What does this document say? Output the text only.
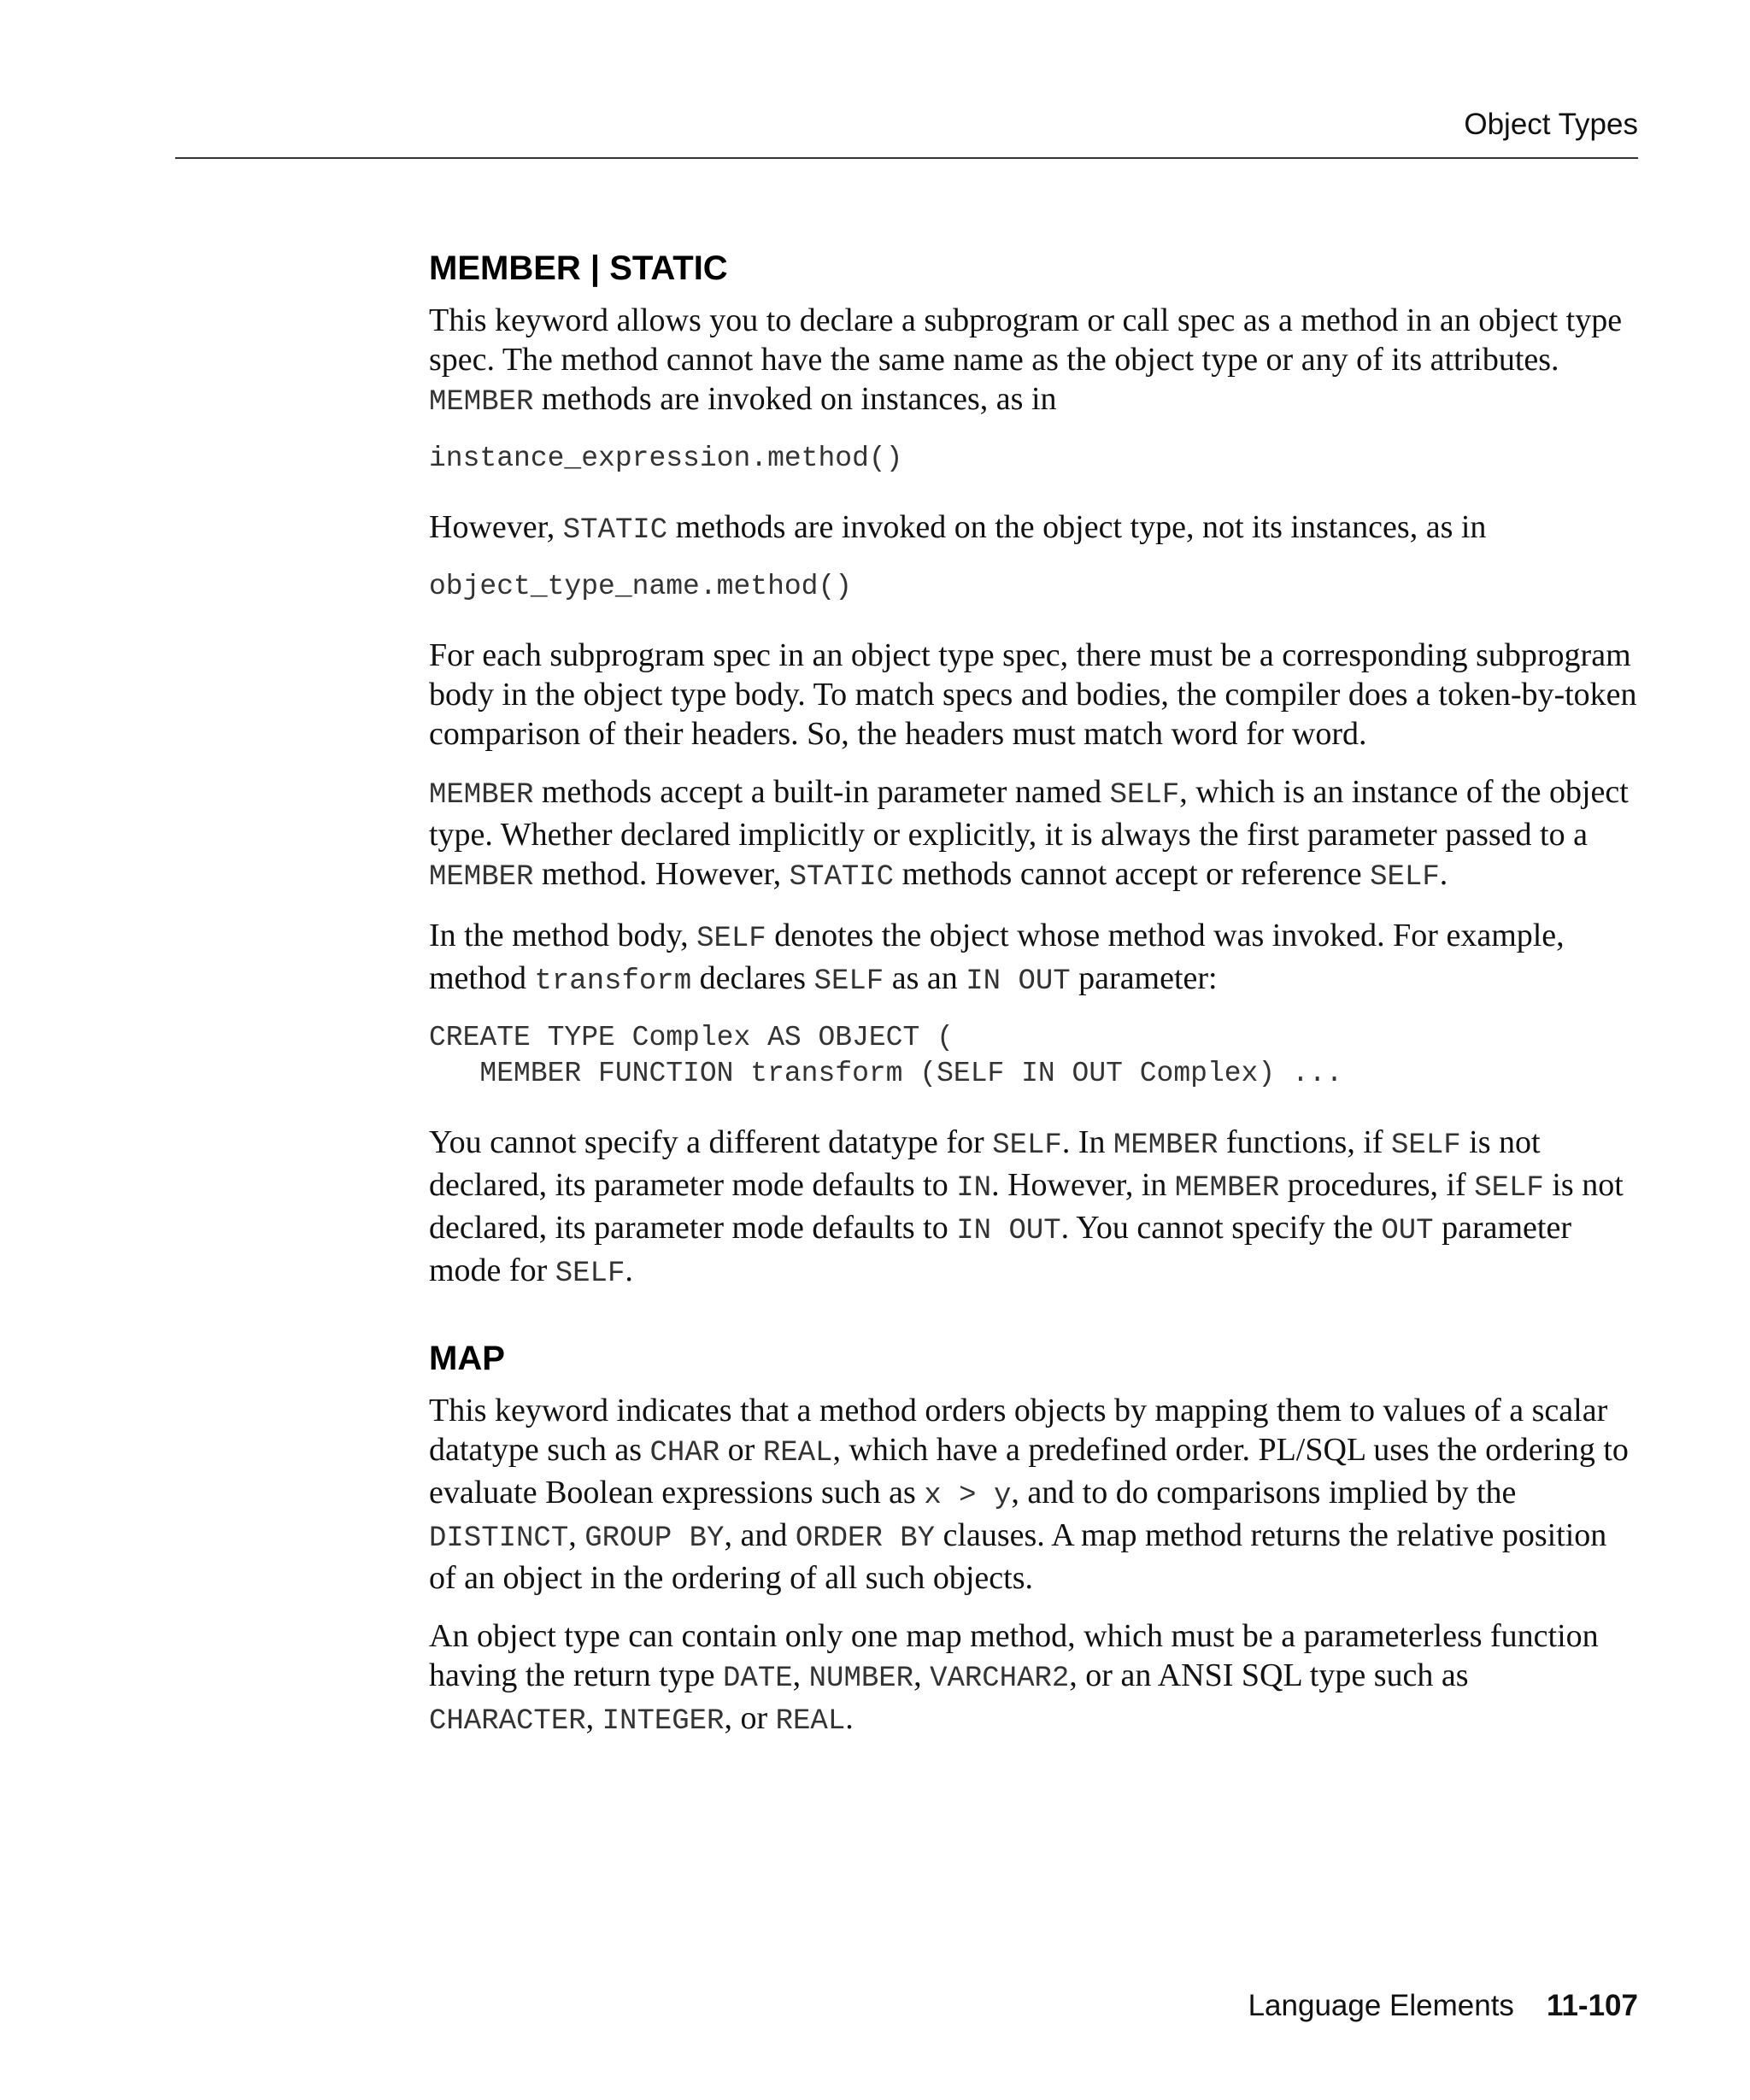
Object Types
MEMBER | STATIC

This keyword allows you to declare a subprogram or call spec as a method in an object type spec. The method cannot have the same name as the object type or any of its attributes. MEMBER methods are invoked on instances, as in

instance_expression.method()

However, STATIC methods are invoked on the object type, not its instances, as in

object_type_name.method()

For each subprogram spec in an object type spec, there must be a corresponding subprogram body in the object type body. To match specs and bodies, the compiler does a token-by-token comparison of their headers. So, the headers must match word for word.

MEMBER methods accept a built-in parameter named SELF, which is an instance of the object type. Whether declared implicitly or explicitly, it is always the first parameter passed to a MEMBER method. However, STATIC methods cannot accept or reference SELF.

In the method body, SELF denotes the object whose method was invoked. For example, method transform declares SELF as an IN OUT parameter:

CREATE TYPE Complex AS OBJECT (
MEMBER FUNCTION transform (SELF IN OUT Complex) ...

You cannot specify a different datatype for SELF. In MEMBER functions, if SELF is not declared, its parameter mode defaults to IN. However, in MEMBER procedures, if SELF is not declared, its parameter mode defaults to IN OUT. You cannot specify the OUT parameter mode for SELF.

MAP

This keyword indicates that a method orders objects by mapping them to values of a scalar datatype such as CHAR or REAL, which have a predefined order. PL/SQL uses the ordering to evaluate Boolean expressions such as x > y, and to do comparisons implied by the DISTINCT, GROUP BY, and ORDER BY clauses. A map method returns the relative position of an object in the ordering of all such objects.

An object type can contain only one map method, which must be a parameterless function having the return type DATE, NUMBER, VARCHAR2, or an ANSI SQL type such as CHARACTER, INTEGER, or REAL.

Language Elements 11-107
